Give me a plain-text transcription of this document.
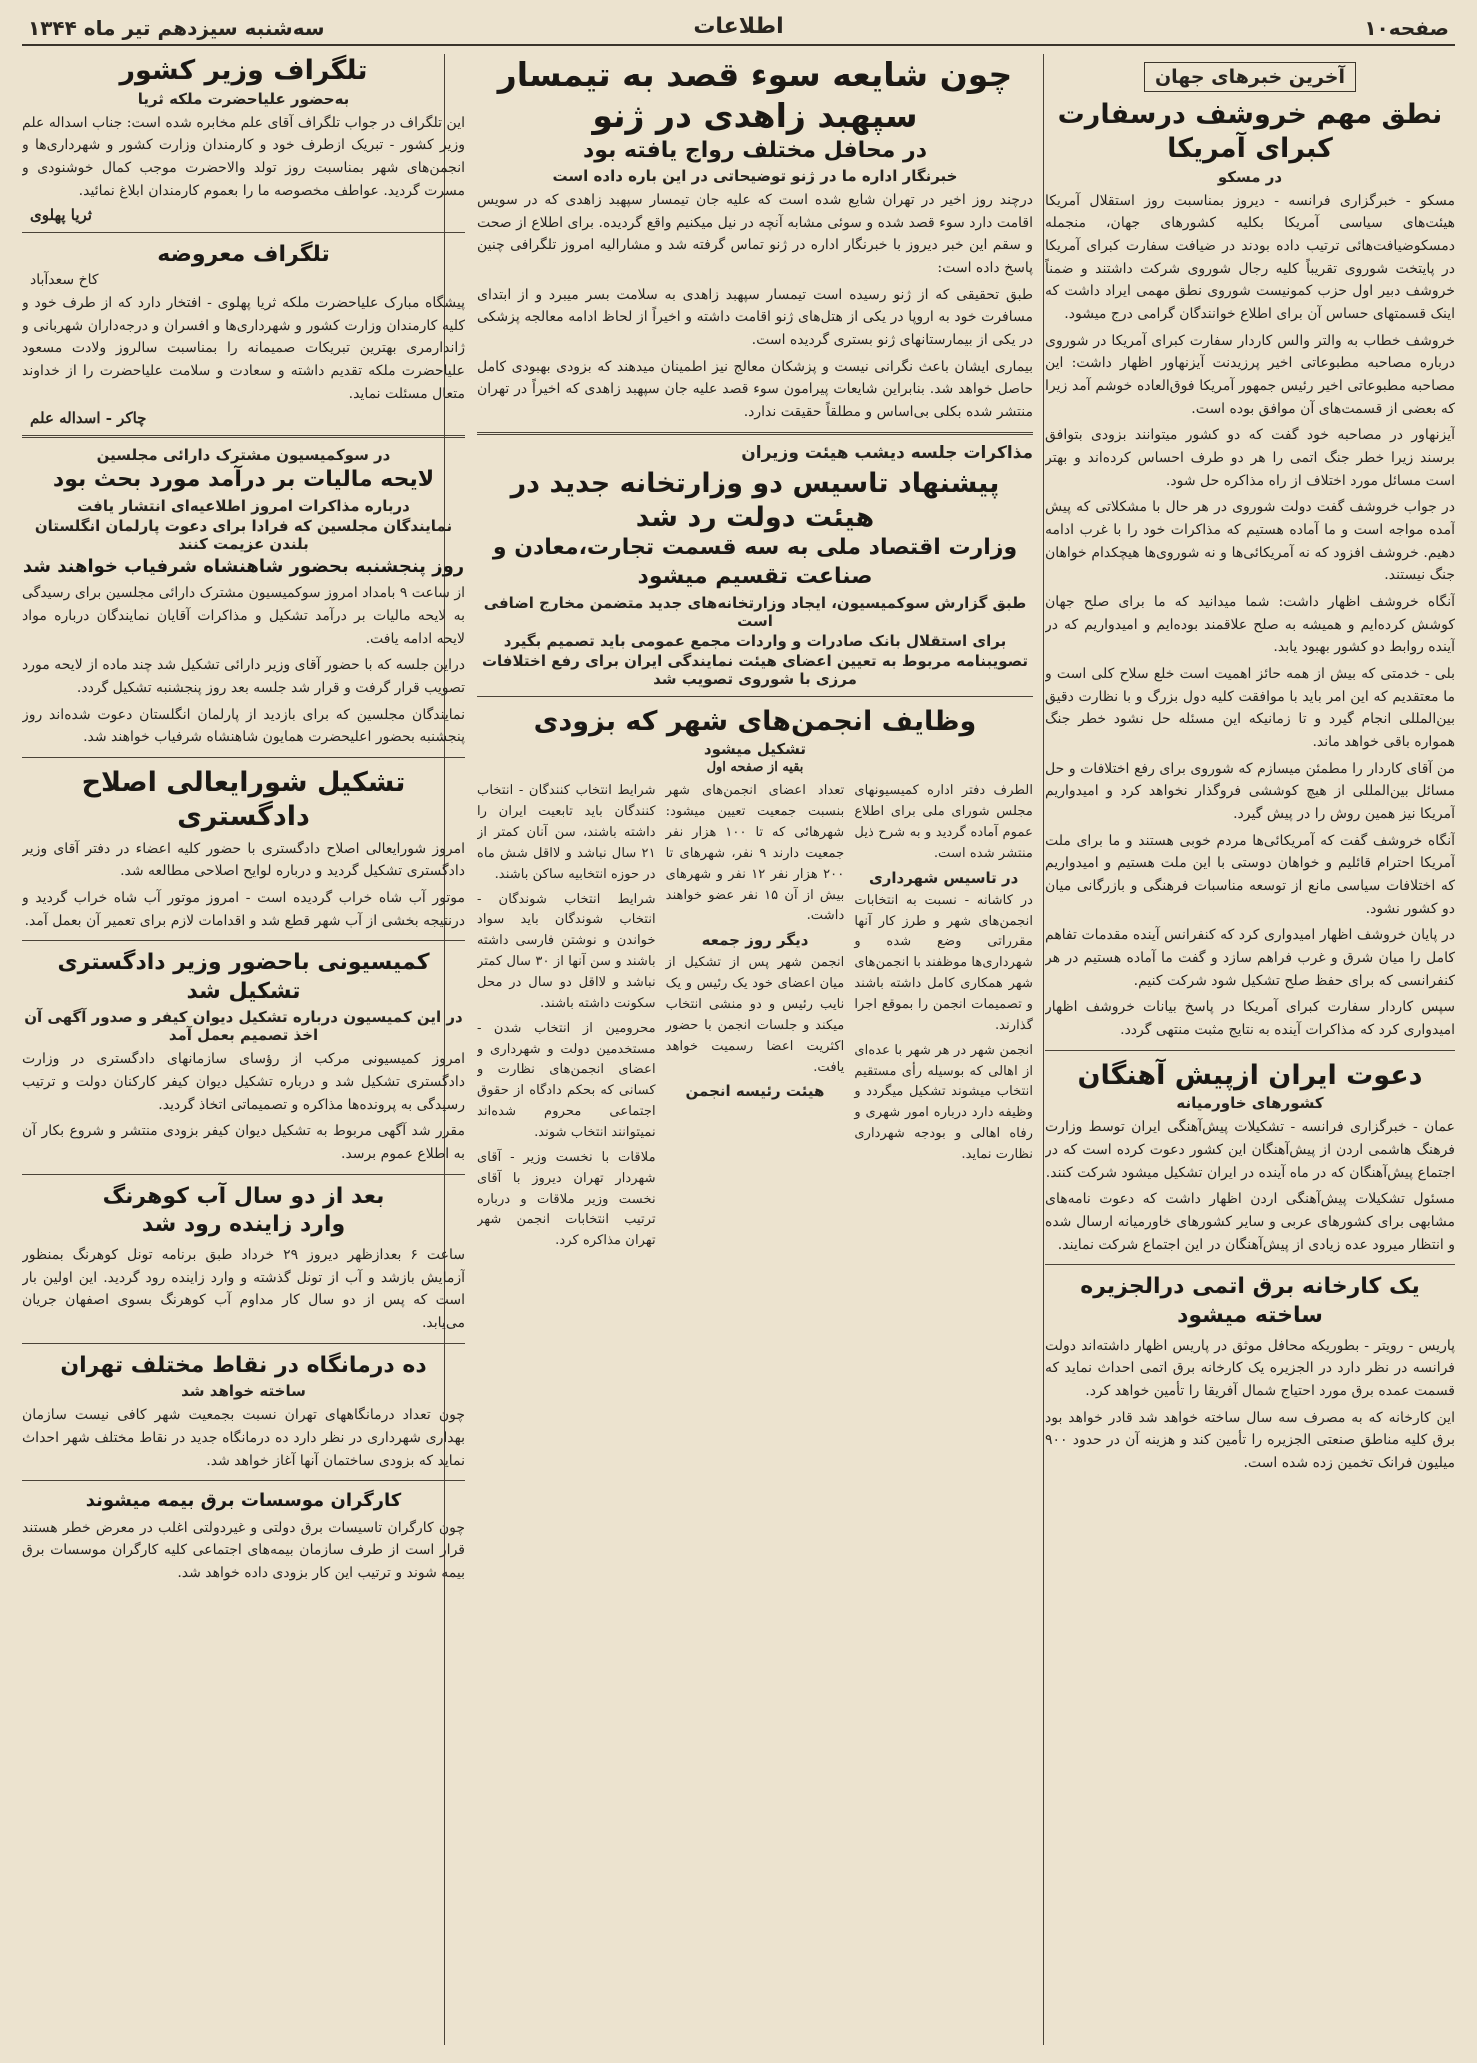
صفحه۱۰
اطلاعات
سه‌شنبه سیزدهم تیر ماه ۱۳۴۴
آخرین خبرهای جهان
نطق مهم خروشف درسفارت کبرای آمریکا
در مسکو

مسکو - خبرگزاری فرانسه - دیروز بمناسبت روز استقلال آمریکا هیئت‌های سیاسی آمریکا بکلیه کشورهای جهان، منجمله دمسکوضیافت‌هائی ترتیب داده بودند در ضیافت سفارت کبرای آمریکا در پایتخت شوروی تقریباً کلیه رجال شوروی شرکت داشتند و ضمناً خروشف دبیر اول حزب کمونیست شوروی نطق مهمی ایراد داشت که اینک قسمتهای حساس آن برای اطلاع خوانندگان گرامی درج میشود.

خروشف خطاب به والتر والس کاردار سفارت کبرای آمریکا در شوروی درباره مصاحبه مطبوعاتی اخیر پرزیدنت آیزنهاور اظهار داشت: این مصاحبه مطبوعاتی اخیر رئیس جمهور آمریکا فوق‌العاده خوشم آمد زیرا که بعضی از قسمت‌های آن موافق بوده است.

آیزنهاور در مصاحبه خود گفت که دو کشور میتوانند بزودی بتوافق برسند زیرا خطر جنگ اتمی را هر دو طرف احساس کرده‌اند و بهتر است مسائل مورد اختلاف از راه مذاکره حل شود.

در جواب خروشف گفت دولت شوروی در هر حال با مشکلاتی که پیش آمده مواجه است و ما آماده هستیم که مذاکرات خود را با غرب ادامه دهیم. خروشف افزود که نه آمریکائی‌ها و نه شوروی‌ها هیچکدام خواهان جنگ نیستند.

آنگاه خروشف اظهار داشت: شما میدانید که ما برای صلح جهان کوشش کرده‌ایم و همیشه به صلح علاقمند بوده‌ایم و امیدواریم که در آینده روابط دو کشور بهبود یابد.

بلی - خدمتی که بیش از همه حائز اهمیت است خلع سلاح کلی است و ما معتقدیم که این امر باید با موافقت کلیه دول بزرگ و با نظارت دقیق بین‌المللی انجام گیرد و تا زمانیکه این مسئله حل نشود خطر جنگ همواره باقی خواهد ماند.

من آقای کاردار را مطمئن میسازم که شوروی برای رفع اختلافات و حل مسائل بین‌المللی از هیچ کوششی فروگذار نخواهد کرد و امیدواریم آمریکا نیز همین روش را در پیش گیرد.

آنگاه خروشف گفت که آمریکائی‌ها مردم خوبی هستند و ما برای ملت آمریکا احترام قائلیم و خواهان دوستی با این ملت هستیم و امیدواریم که اختلافات سیاسی مانع از توسعه مناسبات فرهنگی و بازرگانی میان دو کشور نشود.

در پایان خروشف اظهار امیدواری کرد که کنفرانس آینده مقدمات تفاهم کامل را میان شرق و غرب فراهم سازد و گفت ما آماده هستیم در هر کنفرانسی که برای حفظ صلح تشکیل شود شرکت کنیم.

سپس کاردار سفارت کبرای آمریکا در پاسخ بیانات خروشف اظهار امیدواری کرد که مذاکرات آینده به نتایج مثبت منتهی گردد.

دعوت ایران ازپیش آهنگان
کشورهای خاورمیانه

عمان - خبرگزاری فرانسه - تشکیلات پیش‌آهنگی ایران توسط وزارت فرهنگ هاشمی اردن از پیش‌آهنگان این کشور دعوت کرده است که در اجتماع پیش‌آهنگان که در ماه آینده در ایران تشکیل میشود شرکت کنند.

مسئول تشکیلات پیش‌آهنگی اردن اظهار داشت که دعوت نامه‌های مشابهی برای کشورهای عربی و سایر کشورهای خاورمیانه ارسال شده و انتظار میرود عده زیادی از پیش‌آهنگان در این اجتماع شرکت نمایند.

یک کارخانه برق اتمی درالجزیره ساخته میشود

پاریس - رویتر - بطوریکه محافل موثق در پاریس اظهار داشته‌اند دولت فرانسه در نظر دارد در الجزیره یک کارخانه برق اتمی احداث نماید که قسمت عمده برق مورد احتیاج شمال آفریقا را تأمین خواهد کرد.

این کارخانه که به مصرف سه سال ساخته خواهد شد قادر خواهد بود برق کلیه مناطق صنعتی الجزیره را تأمین کند و هزینه آن در حدود ۹۰۰ میلیون فرانک تخمین زده شده است.

چون شایعه سوء قصد به تیمسار سپهبد زاهدی در ژنو
در محافل مختلف رواج یافته بود
خبرنگار اداره ما در ژنو توضیحاتی در این باره داده است

درچند روز اخیر در تهران شایع شده است که علیه جان تیمسار سپهبد زاهدی که در سویس اقامت دارد سوء قصد شده و سوئی مشابه آنچه در نیل میکنیم واقع گردیده. برای اطلاع از صحت و سقم این خبر دیروز با خبرنگار اداره در ژنو تماس گرفته شد و مشارالیه امروز تلگرافی چنین پاسخ داده است:

طبق تحقیقی که از ژنو رسیده است تیمسار سپهبد زاهدی به سلامت بسر میبرد و از ابتدای مسافرت خود به اروپا در یکی از هتل‌های ژنو اقامت داشته و اخیراً از لحاظ ادامه معالجه پزشکی در یکی از بیمارستانهای ژنو بستری گردیده است.

بیماری ایشان باعث نگرانی نیست و پزشکان معالج نیز اطمینان میدهند که بزودی بهبودی کامل حاصل خواهد شد. بنابراین شایعات پیرامون سوء قصد علیه جان سپهبد زاهدی که اخیراً در تهران منتشر شده بکلی بی‌اساس و مطلقاً حقیقت ندارد.

مذاکرات جلسه دیشب هیئت وزیران
پیشنهاد تاسیس دو وزارتخانه جدید در هیئت دولت رد شد
وزارت اقتصاد ملی به سه قسمت تجارت،معادن و صناعت تقسیم میشود
طبق گزارش سوکمیسیون، ایجاد وزارتخانه‌های جدید متضمن مخارج اضافی است
برای استقلال بانک صادرات و واردات مجمع عمومی باید تصمیم بگیرد
تصویبنامه مربوط به تعیین اعضای هیئت نمایندگی ایران برای رفع اختلافات مرزی با شوروی تصویب شد
وظایف انجمن‌های شهر که بزودی
تشکیل میشود
بقیه از صفحه اول

الطرف دفتر اداره کمیسیونهای مجلس شورای ملی برای اطلاع عموم آماده گردید و به شرح ذیل منتشر شده است.

در تاسیس شهرداری

در کاشانه - نسبت به انتخابات انجمن‌های شهر و طرز کار آنها مقرراتی وضع شده و شهرداری‌ها موظفند با انجمن‌های شهر همکاری کامل داشته باشند و تصمیمات انجمن را بموقع اجرا گذارند.

انجمن شهر در هر شهر با عده‌ای از اهالی که بوسیله رأی مستقیم انتخاب میشوند تشکیل میگردد و وظیفه دارد درباره امور شهری و رفاه اهالی و بودجه شهرداری نظارت نماید.

تعداد اعضای انجمن‌های شهر بنسبت جمعیت تعیین میشود: شهرهائی که تا ۱۰۰ هزار نفر جمعیت دارند ۹ نفر، شهرهای تا ۲۰۰ هزار نفر ۱۲ نفر و شهرهای بیش از آن ۱۵ نفر عضو خواهند داشت.

دیگر روز جمعه

انجمن شهر پس از تشکیل از میان اعضای خود یک رئیس و یک نایب رئیس و دو منشی انتخاب میکند و جلسات انجمن با حضور اکثریت اعضا رسمیت خواهد یافت.

هیئت رئیسه انجمن

شرایط انتخاب کنندگان - انتخاب کنندگان باید تابعیت ایران را داشته باشند، سن آنان کمتر از ۲۱ سال نباشد و لااقل شش ماه در حوزه انتخابیه ساکن باشند.

شرایط انتخاب شوندگان - انتخاب شوندگان باید سواد خواندن و نوشتن فارسی داشته باشند و سن آنها از ۳۰ سال کمتر نباشد و لااقل دو سال در محل سکونت داشته باشند.

محرومین از انتخاب شدن - مستخدمین دولت و شهرداری و اعضای انجمن‌های نظارت و کسانی که بحکم دادگاه از حقوق اجتماعی محروم شده‌اند نمیتوانند انتخاب شوند.

ملاقات با نخست وزیر - آقای شهردار تهران دیروز با آقای نخست وزیر ملاقات و درباره ترتیب انتخابات انجمن شهر تهران مذاکره کرد.

تلگراف وزیر کشور
به‌حضور علیاحضرت ملکه ثریا

این تلگراف در جواب تلگراف آقای علم مخابره شده است: جناب اسداله علم وزیر کشور - تبریک ازطرف خود و کارمندان وزارت کشور و شهرداری‌ها و انجمن‌های شهر بمناسبت روز تولد والاحضرت موجب کمال خوشنودی و مسرت گردید. عواطف مخصوصه ما را بعموم کارمندان ابلاغ نمائید.

ثریا پهلوی
تلگراف معروضه
کاخ سعدآباد

پیشگاه مبارک علیاحضرت ملکه ثریا پهلوی - افتخار دارد که از طرف خود و کلیه کارمندان وزارت کشور و شهرداری‌ها و افسران و درجه‌داران شهربانی و ژاندارمری بهترین تبریکات صمیمانه را بمناسبت سالروز ولادت مسعود علیاحضرت ملکه تقدیم داشته و سعادت و سلامت علیاحضرت را از خداوند متعال مسئلت نماید.

چاکر - اسداله علم
در سوکمیسیون مشترک دارائی مجلسین
لایحه مالیات بر درآمد مورد بحث بود
درباره مذاکرات امروز اطلاعیه‌ای انتشار یافت
نمایندگان مجلسین که فرادا برای دعوت پارلمان انگلستان بلندن عزیمت کنند
روز پنجشنبه بحضور شاهنشاه شرفیاب خواهند شد

از ساعت ۹ بامداد امروز سوکمیسیون مشترک دارائی مجلسین برای رسیدگی به لایحه مالیات بر درآمد تشکیل و مذاکرات آقایان نمایندگان درباره مواد لایحه ادامه یافت.

دراین جلسه که با حضور آقای وزیر دارائی تشکیل شد چند ماده از لایحه مورد تصویب قرار گرفت و قرار شد جلسه بعد روز پنجشنبه تشکیل گردد.

نمایندگان مجلسین که برای بازدید از پارلمان انگلستان دعوت شده‌اند روز پنجشنبه بحضور اعلیحضرت همایون شاهنشاه شرفیاب خواهند شد.

تشکیل شورایعالی اصلاح دادگستری

امروز شورایعالی اصلاح دادگستری با حضور کلیه اعضاء در دفتر آقای وزیر دادگستری تشکیل گردید و درباره لوایح اصلاحی مطالعه شد.

موتور آب شاه خراب گردیده است - امروز موتور آب شاه خراب گردید و درنتیجه بخشی از آب شهر قطع شد و اقدامات لازم برای تعمیر آن بعمل آمد.

کمیسیونی باحضور وزیر دادگستری تشکیل شد
در این کمیسیون درباره تشکیل دیوان کیفر و صدور آگهی آن اخذ تصمیم بعمل آمد

امروز کمیسیونی مرکب از رؤسای سازمانهای دادگستری در وزارت دادگستری تشکیل شد و درباره تشکیل دیوان کیفر کارکنان دولت و ترتیب رسیدگی به پرونده‌ها مذاکره و تصمیماتی اتخاذ گردید.

مقرر شد آگهی مربوط به تشکیل دیوان کیفر بزودی منتشر و شروع بکار آن به اطلاع عموم برسد.

بعد از دو سال آب کوهرنگ
وارد زاینده رود شد

ساعت ۶ بعدازظهر دیروز ۲۹ خرداد طبق برنامه تونل کوهرنگ بمنظور آزمایش بازشد و آب از تونل گذشته و وارد زاینده رود گردید. این اولین بار است که پس از دو سال کار مداوم آب کوهرنگ بسوی اصفهان جریان می‌یابد.

ده درمانگاه در نقاط مختلف تهران
ساخته خواهد شد

چون تعداد درمانگاههای تهران نسبت بجمعیت شهر کافی نیست سازمان بهداری شهرداری در نظر دارد ده درمانگاه جدید در نقاط مختلف شهر احداث نماید که بزودی ساختمان آنها آغاز خواهد شد.

کارگران موسسات برق بیمه میشوند

چون کارگران تاسیسات برق دولتی و غیردولتی اغلب در معرض خطر هستند قرار است از طرف سازمان بیمه‌های اجتماعی کلیه کارگران موسسات برق بیمه شوند و ترتیب این کار بزودی داده خواهد شد.
